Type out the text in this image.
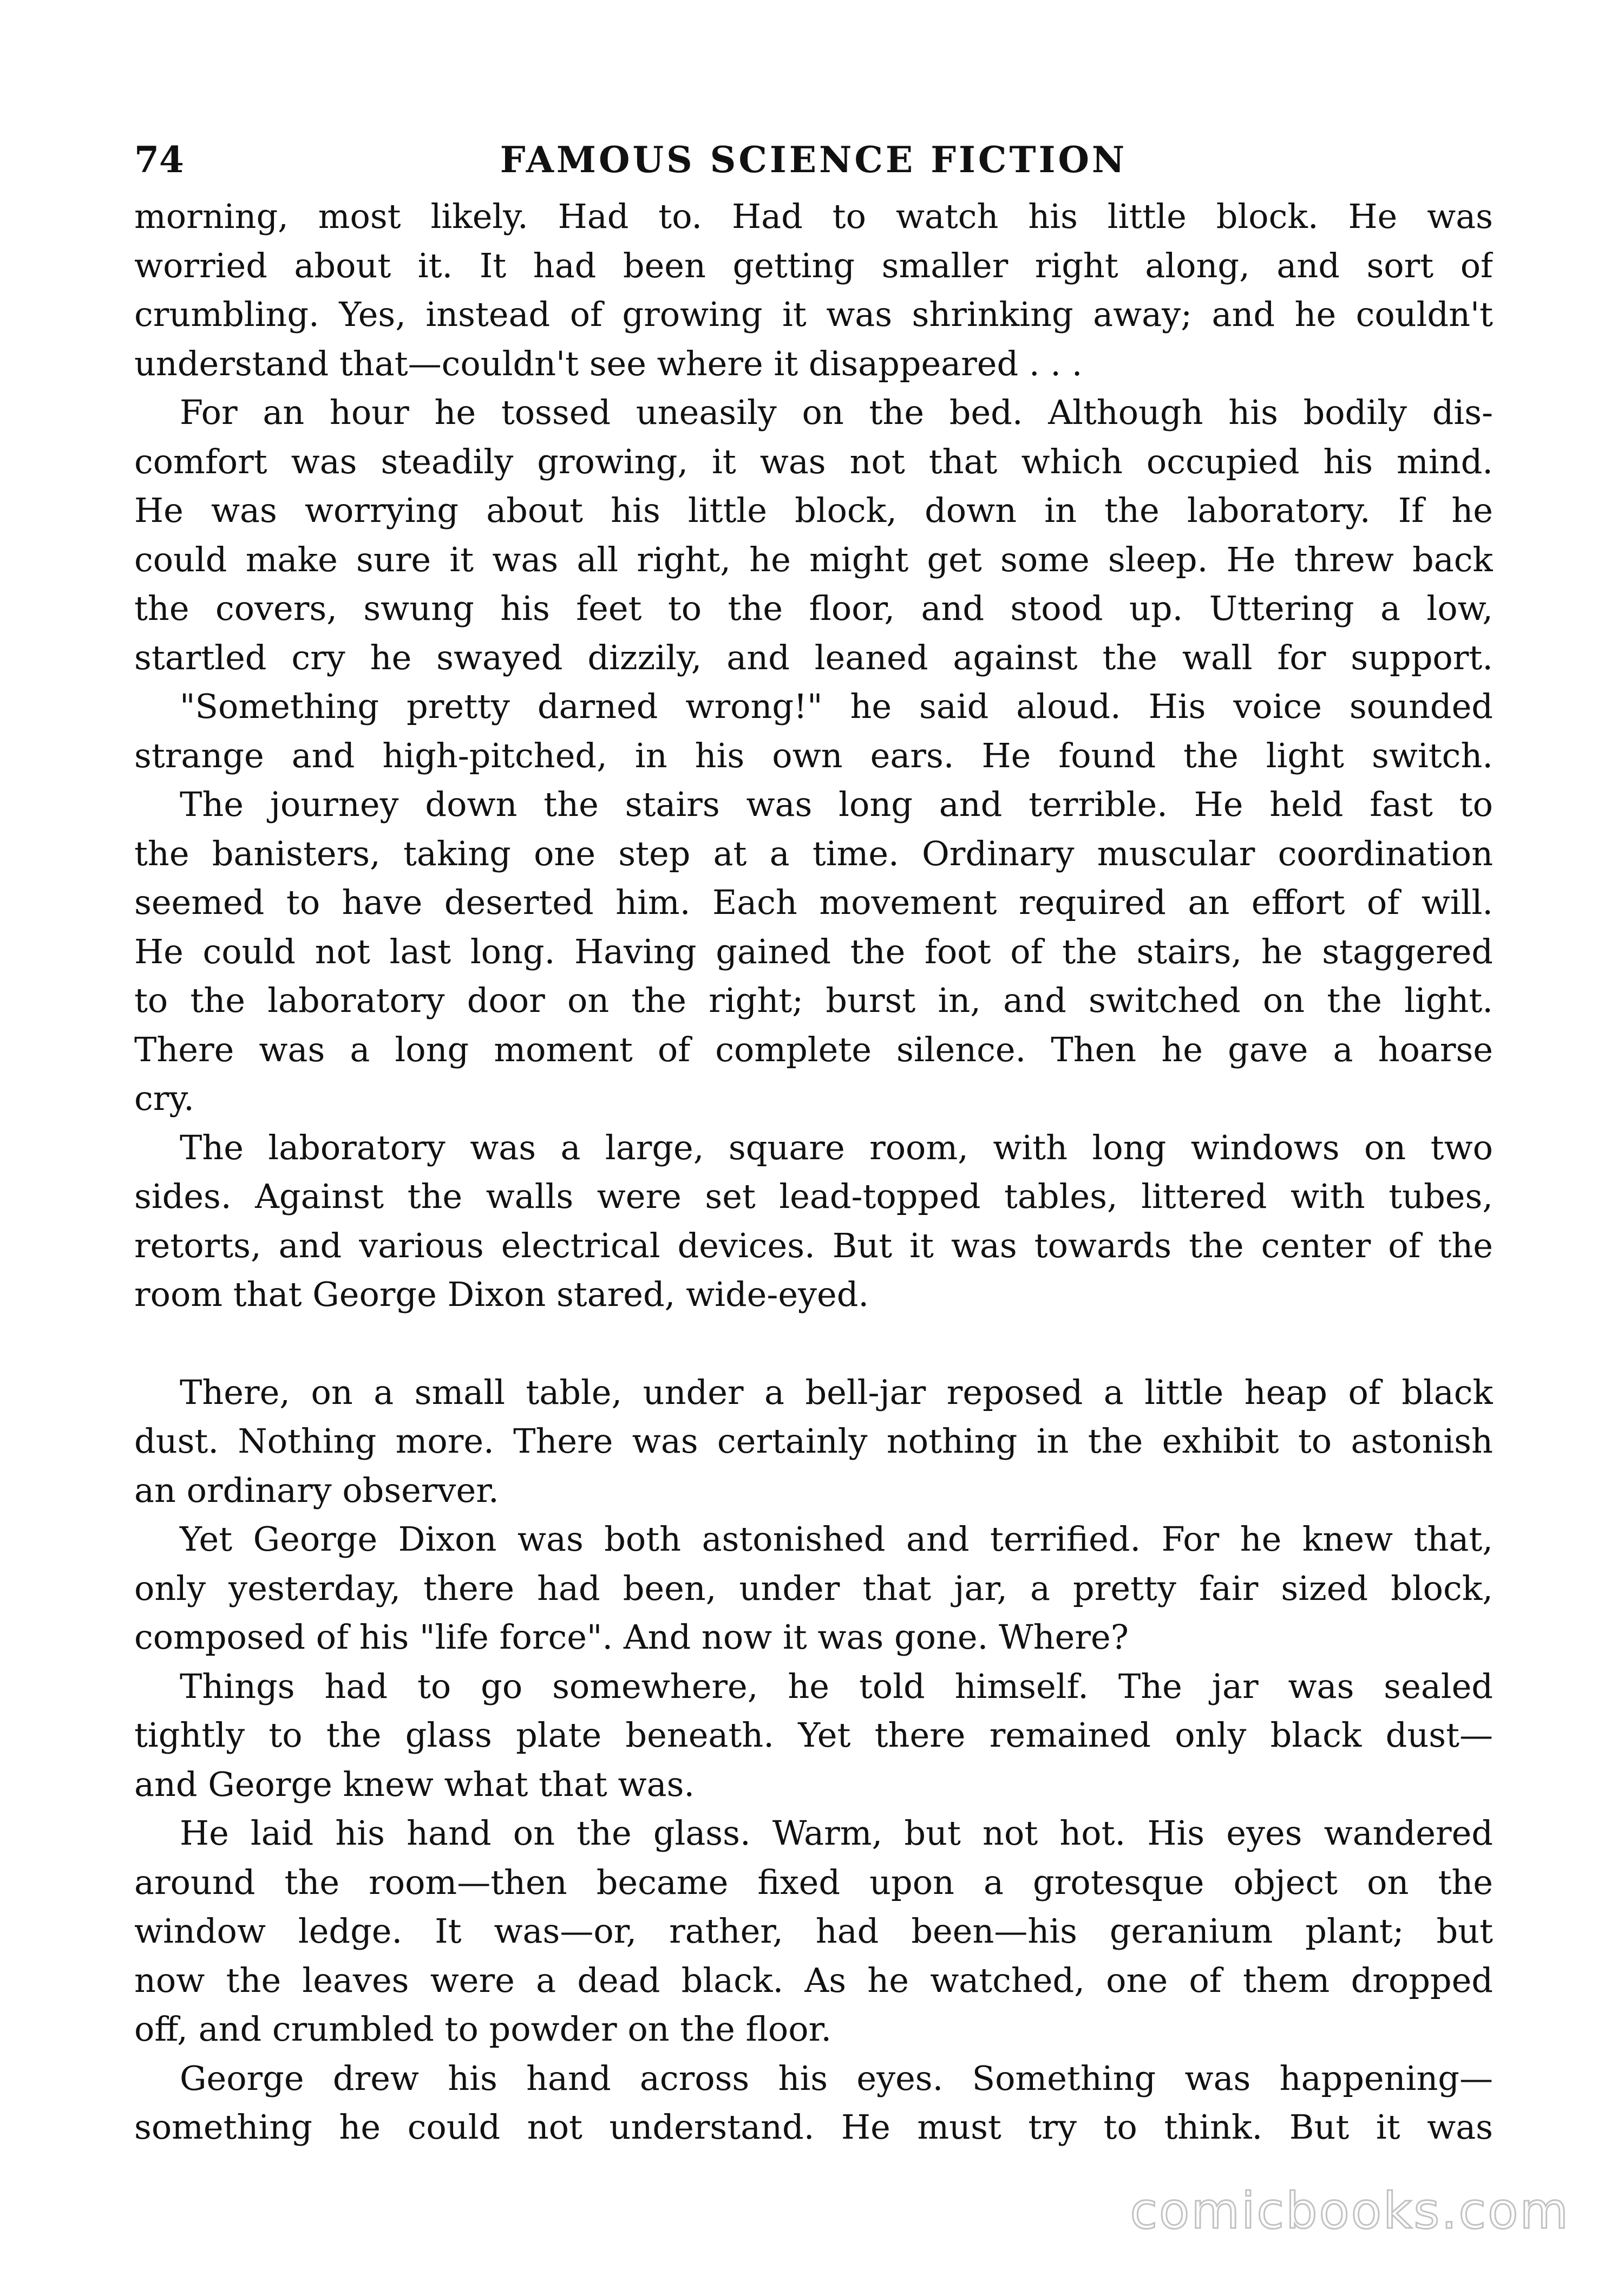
74	FAMOUS SCIENCE FICTION
morning, most likely. Had to. Had to watch his little block. He was
worried about it. It had been getting smaller right along, and sort of
crumbling. Yes, instead of growing it was shrinking away; and he couldn't
understand that—couldn't see where it disappeared . . .
For an hour he tossed uneasily on the bed. Although his bodily dis-
comfort was steadily growing, it was not that which occupied his mind.
He was worrying about his little block, down in the laboratory. If he
could make sure it was all right, he might get some sleep. He threw back
the covers, swung his feet to the floor, and stood up. Uttering a low,
startled cry he swayed dizzily, and leaned against the wall for support.
"Something pretty darned wrong!" he said aloud. His voice sounded
strange and high-pitched, in his own ears. He found the light switch.
The journey down the stairs was long and terrible. He held fast to
the banisters, taking one step at a time. Ordinary muscular coordination
seemed to have deserted him. Each movement required an effort of will.
He could not last long. Having gained the foot of the stairs, he staggered
to the laboratory door on the right; burst in, and switched on the light.
There was a long moment of complete silence. Then he gave a hoarse
cry.
The laboratory was a large, square room, with long windows on two
sides. Against the walls were set lead-topped tables, littered with tubes,
retorts, and various electrical devices. But it was towards the center of the
room that George Dixon stared, wide-eyed.
There, on a small table, under a bell-jar reposed a little heap of black
dust. Nothing more. There was certainly nothing in the exhibit to astonish
an ordinary observer.
Yet George Dixon was both astonished and terrified. For he knew that,
only yesterday, there had been, under that jar, a pretty fair sized block,
composed of his "life force". And now it was gone. Where?
Things had to go somewhere, he told himself. The jar was sealed
tightly to the glass plate beneath. Yet there remained only black dust—
and George knew what that was.
He laid his hand on the glass. Warm, but not hot. His eyes wandered
around the room—then became fixed upon a grotesque object on the
window ledge. It was—or, rather, had been—his geranium plant; but
now the leaves were a dead black. As he watched, one of them dropped
off, and crumbled to powder on the floor.
George drew his hand across his eyes. Something was happening—
something he could not understand. He must try to think. But it was
comicbooks.com
